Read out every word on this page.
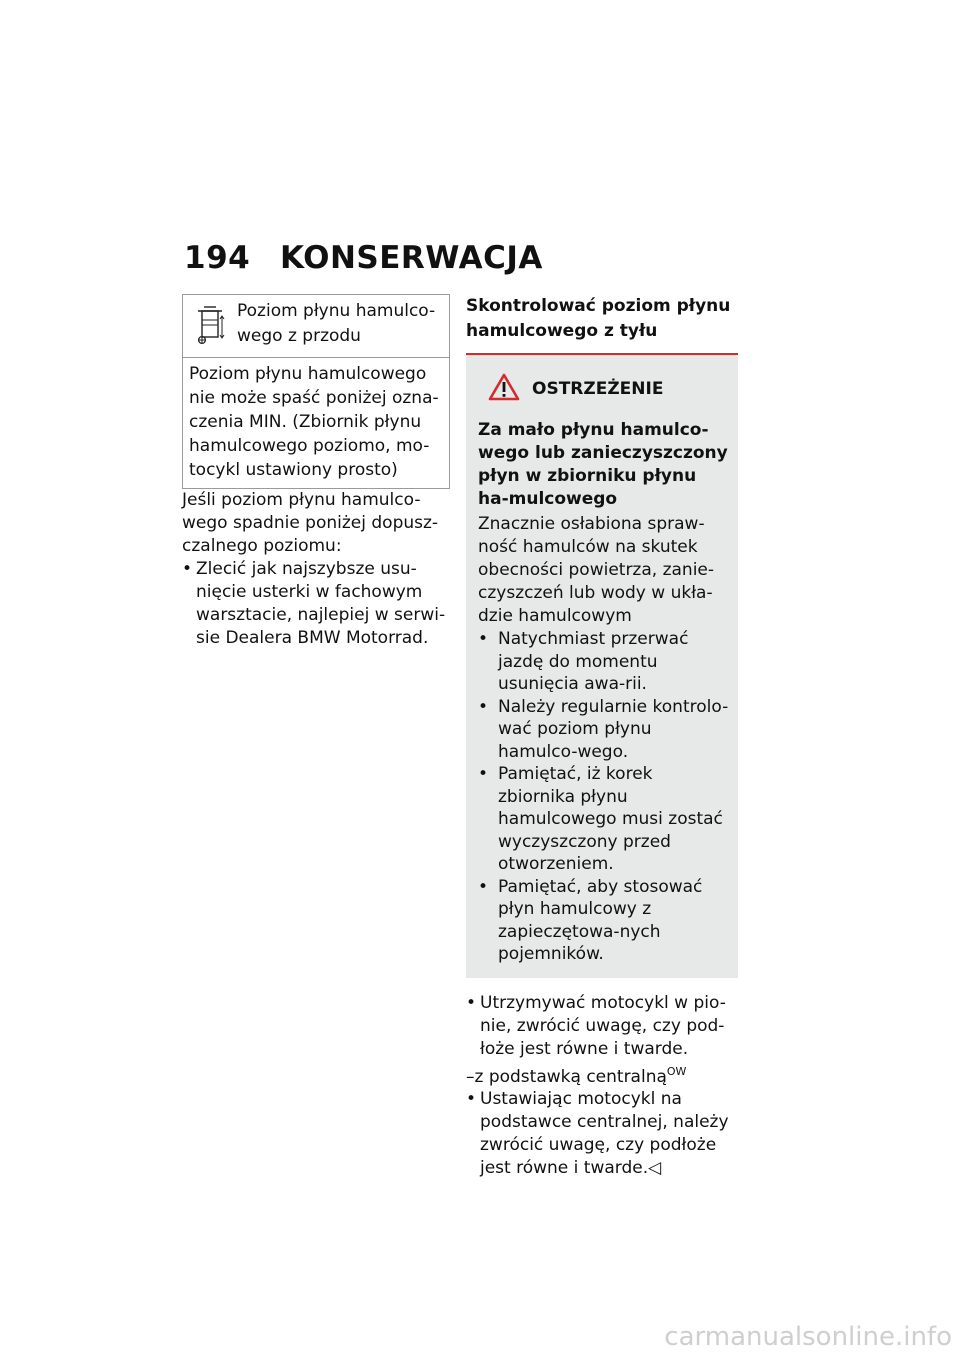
194 KONSERWACJA
Poziom płynu hamulco-wego z przodu
Poziom płynu hamulcowego nie może spaść poniżej ozna-czenia MIN. (Zbiornik płynu hamulcowego poziomo, mo-tocykl ustawiony prosto)
Jeśli poziom płynu hamulco-wego spadnie poniżej dopusz-czalnego poziomu:
• Zlecić jak najszybsze usu-nięcie usterki w fachowym warsztacie, najlepiej w serwi-sie Dealera BMW Motorrad.
Skontrolować poziom płynu hamulcowego z tyłu
OSTRZEŻENIE
Za mało płynu hamulco-wego lub zanieczyszczony płyn w zbiorniku płynu ha-mulcowego
Znacznie osłabiona spraw-ność hamulców na skutek obecności powietrza, zanie-czyszczeń lub wody w ukła-dzie hamulcowym
• Natychmiast przerwać jazdę do momentu usunięcia awa-rii.
• Należy regularnie kontrolo-wać poziom płynu hamulco-wego.
• Pamiętać, iż korek zbiornika płynu hamulcowego musi zostać wyczyszczony przed otworzeniem.
• Pamiętać, aby stosować płyn hamulcowy z zapieczętowa-nych pojemników.
• Utrzymywać motocykl w pio-nie, zwrócić uwagę, czy pod-łoże jest równe i twarde.
–z podstawką centralną$^{OW}$
• Ustawiając motocykl na podstawce centralnej, należy zwrócić uwagę, czy podłoże jest równe i twarde.◁
carmanualsonline.info
